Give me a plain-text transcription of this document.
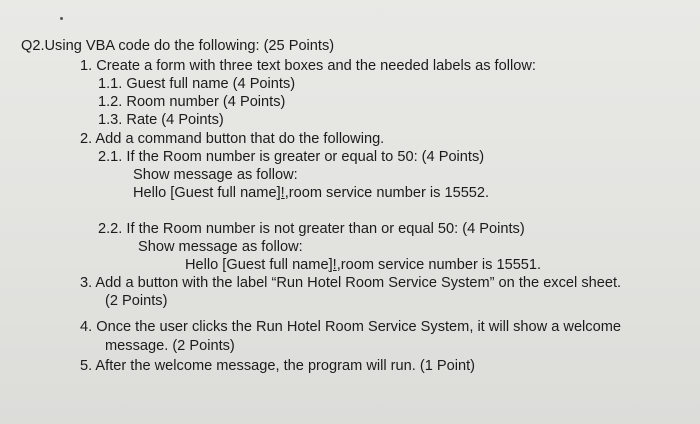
Q2.Using VBA code do the following: (25 Points)
1. Create a form with three text boxes and the needed labels as follow:
1.1. Guest full name (4 Points)
1.2. Room number (4 Points)
1.3. Rate (4 Points)
2. Add a command button that do the following.
2.1. If the Room number is greater or equal to 50: (4 Points)
Show message as follow:
Hello [Guest full name]!,room service number is 15552.
2.2. If the Room number is not greater than or equal 50: (4 Points)
Show message as follow:
Hello [Guest full name]!,room service number is 15551.
3. Add a button with the label “Run Hotel Room Service System” on the excel sheet.
(2 Points)
4. Once the user clicks the Run Hotel Room Service System, it will show a welcome
message. (2 Points)
5. After the welcome message, the program will run. (1 Point)
